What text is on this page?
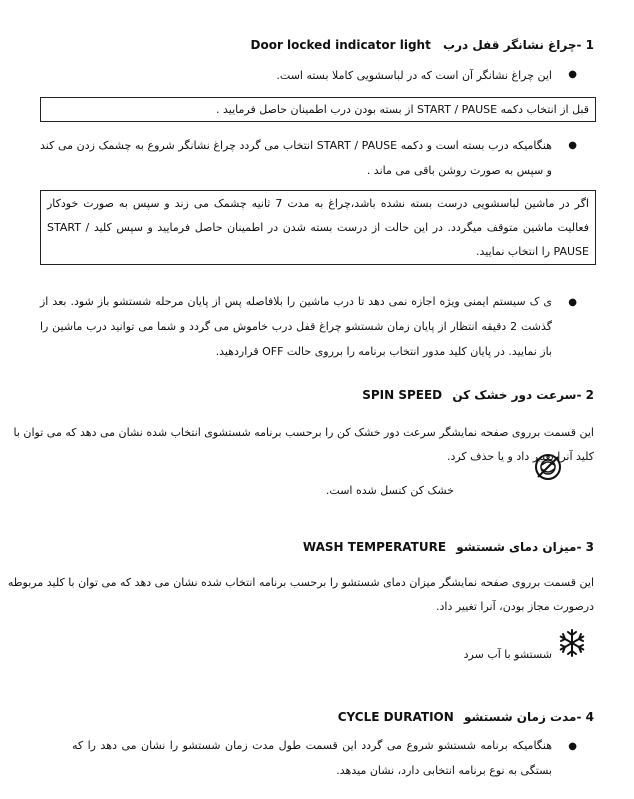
1 -چراغ نشانگر قفل درب Door locked indicator light
●
این چراغ نشانگر آن است که در لباسشویی کاملا بسته است.
قبل از انتخاب دکمه START / PAUSE از بسته بودن درب اطمینان حاصل فرمایید .
●
هنگامیکه درب بسته است و دکمه START / PAUSE انتخاب می گردد چراغ نشانگر شروع به چشمک زدن می کند و سپس به صورت روشن باقی می ماند .
اگر در ماشین لباسشویی درست بسته نشده باشد،چراغ به مدت 7 ثانیه چشمک می زند و سپس به صورت خودکار فعالیت ماشین متوقف میگردد. در این حالت از درست بسته شدن در اطمینان حاصل فرمایید و سپس کلید START / PAUSE را انتخاب نمایید.
●
ی ک سیستم ایمنی ویژه اجازه نمی دهد تا درب ماشین را بلافاصله پس از پایان مرحله شستشو باز شود. بعد از گذشت 2 دقیقه انتظار از پایان زمان شستشو چراغ قفل درب خاموش می گردد و شما می توانید درب ماشین را باز نمایید. در پایان کلید مدور انتخاب برنامه را برروی حالت OFF قراردهید.
2 -سرعت دور خشک کن SPIN SPEED
این قسمت برروی صفحه نمایشگر سرعت دور خشک کن را برحسب برنامه شستشوی انتخاب شده نشان می دهد که می توان با
کلید آنرا تغییر داد و یا حذف کرد.
خشک کن کنسل شده است.
3 -میزان دمای شستشو WASH TEMPERATURE
این قسمت برروی صفحه نمایشگر میزان دمای شستشو را برحسب برنامه انتخاب شده نشان می دهد که می توان با کلید مربوطه
درصورت مجاز بودن، آنرا تغییر داد.
شستشو با آب سرد
4 -مدت زمان شستشو CYCLE DURATION
●
هنگامیکه برنامه شستشو شروع می گردد این قسمت طول مدت زمان شستشو را نشان می دهد را که بستگی به نوع برنامه انتخابی دارد، نشان میدهد.
